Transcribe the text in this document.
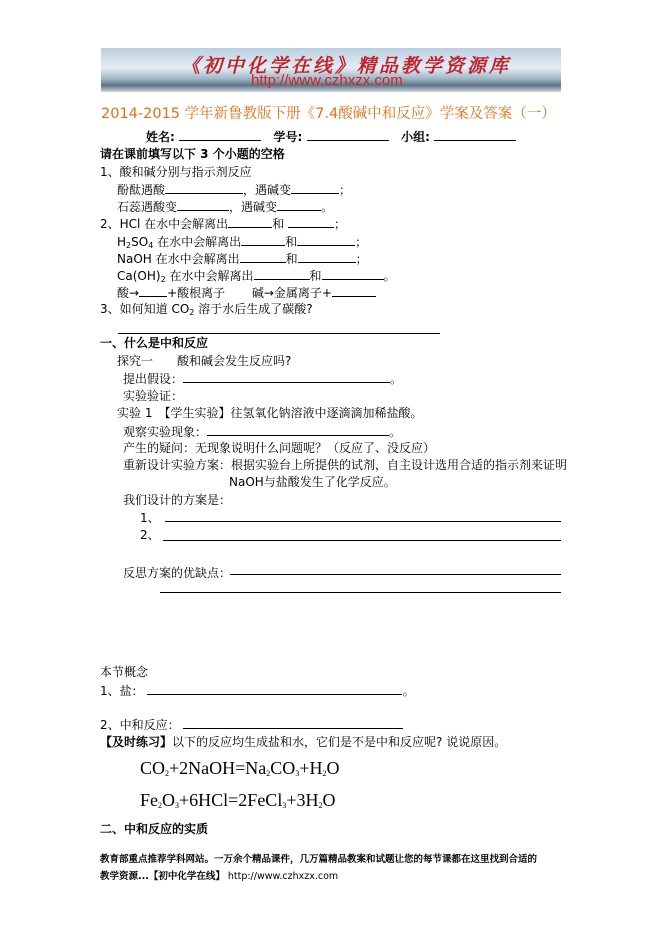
《初中化学在线》精品教学资源库
http://www.czhxzx.com
2014-2015 学年新鲁教版下册《7.4酸碱中和反应》学案及答案（一）
姓名:	学号:	小组:
请在课前填写以下 3 个小题的空格
1、酸和碱分别与指示剂反应
酚酞遇酸	，遇碱变	；
石蕊遇酸变	，遇碱变	。
2、HCl 在水中会解离出	和	；
$H_2SO_4$ 在水中会解离出	和	；
NaOH 在水中会解离出	和	；
$Ca(OH)_2$ 在水中会解离出	和	。
酸→ +酸根离子 碱→金属离子+
3、如何知道 $CO_2$ 溶于水后生成了碳酸?
一、什么是中和反应
探究一　　酸和碱会发生反应吗?
提出假设：	。
实验验证：
实验 1　【学生实验】往氢氧化钠溶液中逐滴滴加稀盐酸。
观察实验现象：	。
产生的疑问：无现象说明什么问题呢？（反应了、没反应）
重新设计实验方案：根据实验台上所提供的试剂，自主设计选用合适的指示剂来证明
NaOH与盐酸发生了化学反应。
我们设计的方案是：
1、
2、
反思方案的优缺点：
本节概念
1、盐：	。
2、中和反应：
【及时练习】以下的反应均生成盐和水，它们是不是中和反应呢? 说说原因。
$CO_2+2NaOH=Na_2CO_3+H_2O$
$Fe_2O_3+6HCl=2FeCl_3+3H_2O$
二、中和反应的实质
教育部重点推荐学科网站。一万余个精品课件，几万篇精品教案和试题让您的每节课都在这里找到合适的
教学资源...【初中化学在线】 http://www.czhxzx.com
